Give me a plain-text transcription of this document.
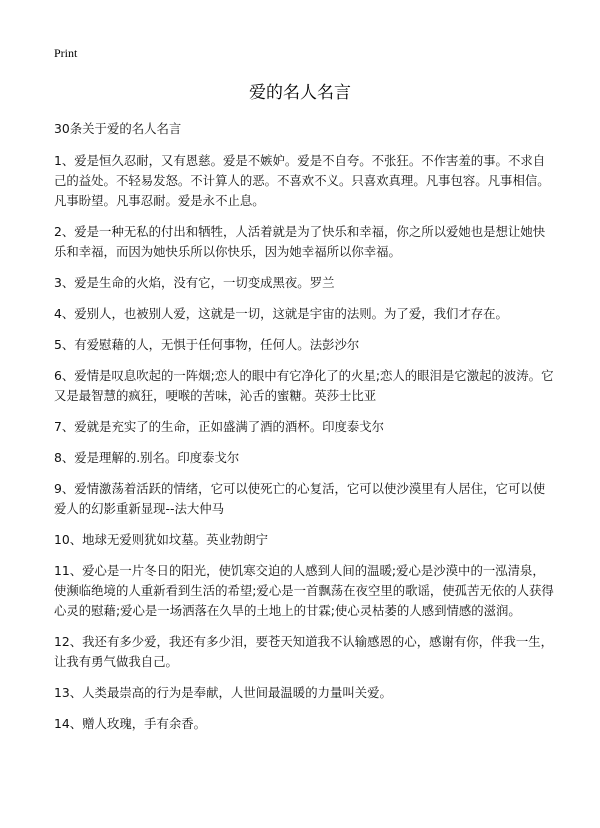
Print
爱的名人名言

30条关于爱的名人名言

1、爱是恒久忍耐，又有恩慈。爱是不嫉妒。爱是不自夸。不张狂。不作害羞的事。不求自己的益处。不轻易发怒。不计算人的恶。不喜欢不义。只喜欢真理。凡事包容。凡事相信。凡事盼望。凡事忍耐。爱是永不止息。

2、爱是一种无私的付出和牺牲，人活着就是为了快乐和幸福，你之所以爱她也是想让她快乐和幸福，而因为她快乐所以你快乐，因为她幸福所以你幸福。

3、爱是生命的火焰，没有它，一切变成黑夜。罗兰

4、爱别人，也被别人爱，这就是一切，这就是宇宙的法则。为了爱，我们才存在。

5、有爱慰藉的人，无惧于任何事物，任何人。法彭沙尔

6、爱情是叹息吹起的一阵烟;恋人的眼中有它净化了的火星;恋人的眼泪是它激起的波涛。它又是最智慧的疯狂，哽喉的苦味，沁舌的蜜糖。英莎士比亚

7、爱就是充实了的生命，正如盛满了酒的酒杯。印度泰戈尔

8、爱是理解的.别名。印度泰戈尔

9、爱情激荡着活跃的情绪，它可以使死亡的心复活，它可以使沙漠里有人居住，它可以使爱人的幻影重新显现--法大仲马

10、地球无爱则犹如坟墓。英业勃朗宁

11、爱心是一片冬日的阳光，使饥寒交迫的人感到人间的温暖;爱心是沙漠中的一泓清泉，使濒临绝境的人重新看到生活的希望;爱心是一首飘荡在夜空里的歌谣，使孤苦无依的人获得心灵的慰藉;爱心是一场洒落在久旱的土地上的甘霖;使心灵枯萎的人感到情感的滋润。

12、我还有多少爱，我还有多少泪，要苍天知道我不认输感恩的心，感谢有你，伴我一生，让我有勇气做我自己。

13、人类最崇高的行为是奉献，人世间最温暖的力量叫关爱。

14、赠人玫瑰，手有余香。
